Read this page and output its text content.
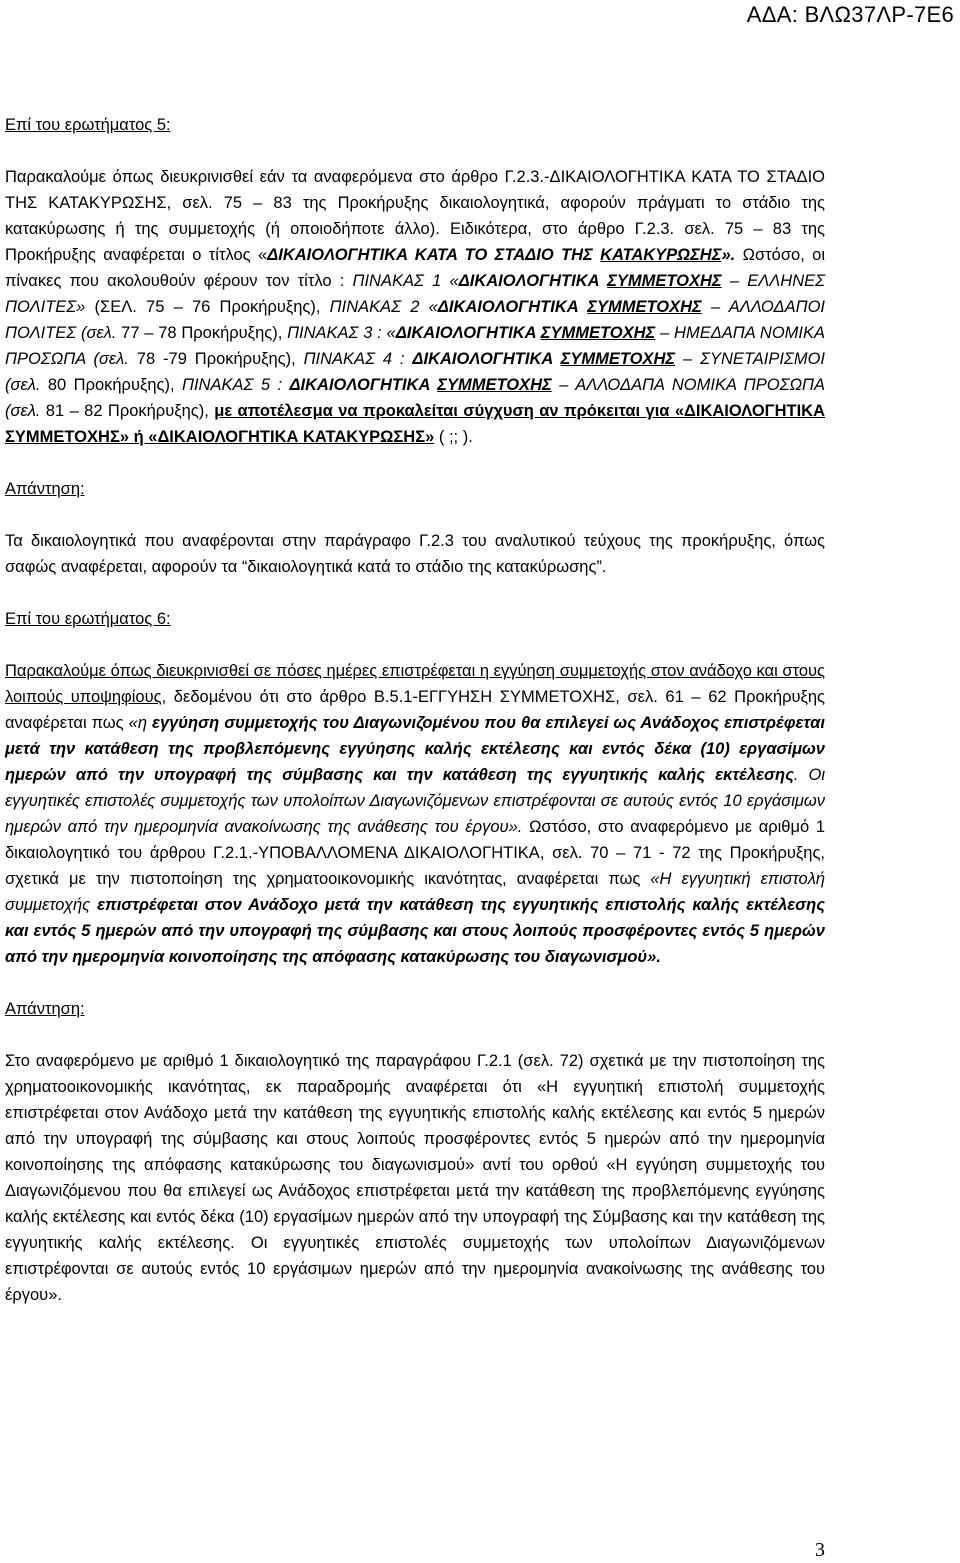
ΑΔΑ: ΒΛΩ37ΛΡ-7Ε6

Επί του ερωτήματος 5:

Παρακαλούμε όπως διευκρινισθεί εάν τα αναφερόμενα στο άρθρο Γ.2.3.-ΔΙΚΑΙΟΛΟΓΗΤΙΚΑ ΚΑΤΑ ΤΟ ΣΤΑΔΙΟ ΤΗΣ ΚΑΤΑΚΥΡΩΣΗΣ, σελ. 75 – 83 της Προκήρυξης δικαιολογητικά, αφορούν πράγματι το στάδιο της κατακύρωσης ή της συμμετοχής (ή οποιοδήποτε άλλο). Ειδικότερα, στο άρθρο Γ.2.3. σελ. 75 – 83 της Προκήρυξης αναφέρεται ο τίτλος «ΔΙΚΑΙΟΛΟΓΗΤΙΚΑ ΚΑΤΑ ΤΟ ΣΤΑΔΙΟ ΤΗΣ ΚΑΤΑΚΥΡΩΣΗΣ». Ωστόσο, οι πίνακες που ακολουθούν φέρουν τον τίτλο : ΠΙΝΑΚΑΣ 1 «ΔΙΚΑΙΟΛΟΓΗΤΙΚΑ ΣΥΜΜΕΤΟΧΗΣ – ΕΛΛΗΝΕΣ ΠΟΛΙΤΕΣ» (ΣΕΛ. 75 – 76 Προκήρυξης), ΠΙΝΑΚΑΣ 2 «ΔΙΚΑΙΟΛΟΓΗΤΙΚΑ ΣΥΜΜΕΤΟΧΗΣ – ΑΛΛΟΔΑΠΟΙ ΠΟΛΙΤΕΣ (σελ. 77 – 78 Προκήρυξης), ΠΙΝΑΚΑΣ 3 : «ΔΙΚΑΙΟΛΟΓΗΤΙΚΑ ΣΥΜΜΕΤΟΧΗΣ – ΗΜΕΔΑΠΑ ΝΟΜΙΚΑ ΠΡΟΣΩΠΑ (σελ. 78 -79 Προκήρυξης), ΠΙΝΑΚΑΣ 4 : ΔΙΚΑΙΟΛΟΓΗΤΙΚΑ ΣΥΜΜΕΤΟΧΗΣ – ΣΥΝΕΤΑΙΡΙΣΜΟΙ (σελ. 80 Προκήρυξης), ΠΙΝΑΚΑΣ 5 : ΔΙΚΑΙΟΛΟΓΗΤΙΚΑ ΣΥΜΜΕΤΟΧΗΣ – ΑΛΛΟΔΑΠΑ ΝΟΜΙΚΑ ΠΡΟΣΩΠΑ (σελ. 81 – 82 Προκήρυξης), με αποτέλεσμα να προκαλείται σύγχυση αν πρόκειται για «ΔΙΚΑΙΟΛΟΓΗΤΙΚΑ ΣΥΜΜΕΤΟΧΗΣ» ή «ΔΙΚΑΙΟΛΟΓΗΤΙΚΑ ΚΑΤΑΚΥΡΩΣΗΣ» ( ;; ).

Απάντηση:

Τα δικαιολογητικά που αναφέρονται στην παράγραφο Γ.2.3 του αναλυτικού τεύχους της προκήρυξης, όπως σαφώς αναφέρεται, αφορούν τα “δικαιολογητικά κατά το στάδιο της κατακύρωσης”.

Επί του ερωτήματος 6:

Παρακαλούμε όπως διευκρινισθεί σε πόσες ημέρες επιστρέφεται η εγγύηση συμμετοχής στον ανάδοχο και στους λοιπούς υποψηφίους, δεδομένου ότι στο άρθρο Β.5.1-ΕΓΓΥΗΣΗ ΣΥΜΜΕΤΟΧΗΣ, σελ. 61 – 62 Προκήρυξης αναφέρεται πως «η εγγύηση συμμετοχής του Διαγωνιζομένου που θα επιλεγεί ως Ανάδοχος επιστρέφεται μετά την κατάθεση της προβλεπόμενης εγγύησης καλής εκτέλεσης και εντός δέκα (10) εργασίμων ημερών από την υπογραφή της σύμβασης και την κατάθεση της εγγυητικής καλής εκτέλεσης. Οι εγγυητικές επιστολές συμμετοχής των υπολοίπων Διαγωνιζόμενων επιστρέφονται σε αυτούς εντός 10 εργάσιμων ημερών από την ημερομηνία ανακοίνωσης της ανάθεσης του έργου». Ωστόσο, στο αναφερόμενο με αριθμό 1 δικαιολογητικό του άρθρου Γ.2.1.-ΥΠΟΒΑΛΛΟΜΕΝΑ ΔΙΚΑΙΟΛΟΓΗΤΙΚΑ, σελ. 70 – 71 - 72 της Προκήρυξης, σχετικά με την πιστοποίηση της χρηματοοικονομικής ικανότητας, αναφέρεται πως «Η εγγυητική επιστολή συμμετοχής επιστρέφεται στον Ανάδοχο μετά την κατάθεση της εγγυητικής επιστολής καλής εκτέλεσης και εντός 5 ημερών από την υπογραφή της σύμβασης και στους λοιπούς προσφέροντες εντός 5 ημερών από την ημερομηνία κοινοποίησης της απόφασης κατακύρωσης του διαγωνισμού».

Απάντηση:

Στο αναφερόμενο με αριθμό 1 δικαιολογητικό της παραγράφου Γ.2.1 (σελ. 72) σχετικά με την πιστοποίηση της χρηματοοικονομικής ικανότητας, εκ παραδρομής αναφέρεται ότι «Η εγγυητική επιστολή συμμετοχής επιστρέφεται στον Ανάδοχο μετά την κατάθεση της εγγυητικής επιστολής καλής εκτέλεσης και εντός 5 ημερών από την υπογραφή της σύμβασης και στους λοιπούς προσφέροντες εντός 5 ημερών από την ημερομηνία κοινοποίησης της απόφασης κατακύρωσης του διαγωνισμού» αντί του ορθού «Η εγγύηση συμμετοχής του Διαγωνιζόμενου που θα επιλεγεί ως Ανάδοχος επιστρέφεται μετά την κατάθεση της προβλεπόμενης εγγύησης καλής εκτέλεσης και εντός δέκα (10) εργασίμων ημερών από την υπογραφή της Σύμβασης και την κατάθεση της εγγυητικής καλής εκτέλεσης. Οι εγγυητικές επιστολές συμμετοχής των υπολοίπων Διαγωνιζόμενων επιστρέφονται σε αυτούς εντός 10 εργάσιμων ημερών από την ημερομηνία ανακοίνωσης της ανάθεσης του έργου».

3
